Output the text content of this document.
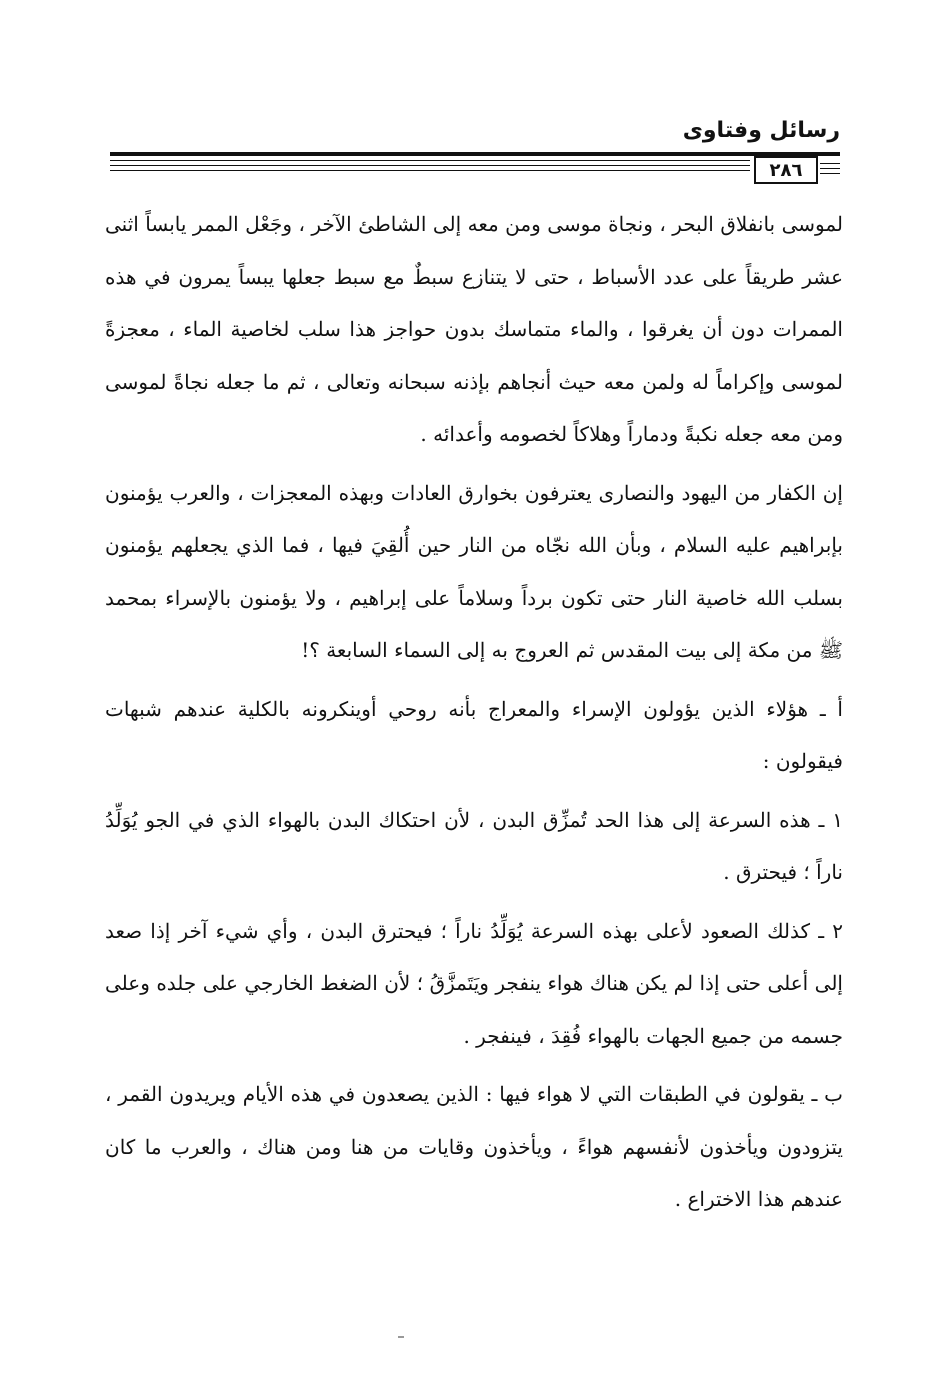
رسائل وفتاوى
٢٨٦

لموسى بانفلاق البحر ، ونجاة موسى ومن معه إلى الشاطئ الآخر ، وجَعْل الممر يابساً اثنى عشر طريقاً على عدد الأسباط ، حتى لا يتنازع سبطٌ مع سبط جعلها يبساً يمرون في هذه الممرات دون أن يغرقوا ، والماء متماسك بدون حواجز هذا سلب لخاصية الماء ، معجزةً لموسى وإكراماً له ولمن معه حيث أنجاهم بإذنه سبحانه وتعالى ، ثم ما جعله نجاةً لموسى ومن معه جعله نكبةً ودماراً وهلاكاً لخصومه وأعدائه .

إن الكفار من اليهود والنصارى يعترفون بخوارق العادات وبهذه المعجزات ، والعرب يؤمنون بإبراهيم عليه السلام ، وبأن الله نجّاه من النار حين أُلقِيَ فيها ، فما الذي يجعلهم يؤمنون بسلب الله خاصية النار حتى تكون برداً وسلاماً على إبراهيم ، ولا يؤمنون بالإسراء بمحمد ﷺ من مكة إلى بيت المقدس ثم العروج به إلى السماء السابعة ؟!

أ ـ هؤلاء الذين يؤولون الإسراء والمعراج بأنه روحي أوينكرونه بالكلية عندهم شبهات فيقولون :

١ ـ هذه السرعة إلى هذا الحد تُمزِّق البدن ، لأن احتكاك البدن بالهواء الذي في الجو يُوَلِّدُ ناراً ؛ فيحترق .

٢ ـ كذلك الصعود لأعلى بهذه السرعة يُوَلِّدُ ناراً ؛ فيحترق البدن ، وأي شيء آخر إذا صعد إلى أعلى حتى إذا لم يكن هناك هواء ينفجر ويَتَمزَّقُ ؛ لأن الضغط الخارجي على جلده وعلى جسمه من جميع الجهات بالهواء فُقِدَ ، فينفجر .

ب ـ يقولون في الطبقات التي لا هواء فيها : الذين يصعدون في هذه الأيام ويريدون القمر ، يتزودون ويأخذون لأنفسهم هواءً ، ويأخذون وقايات من هنا ومن هناك ، والعرب ما كان عندهم هذا الاختراع .
